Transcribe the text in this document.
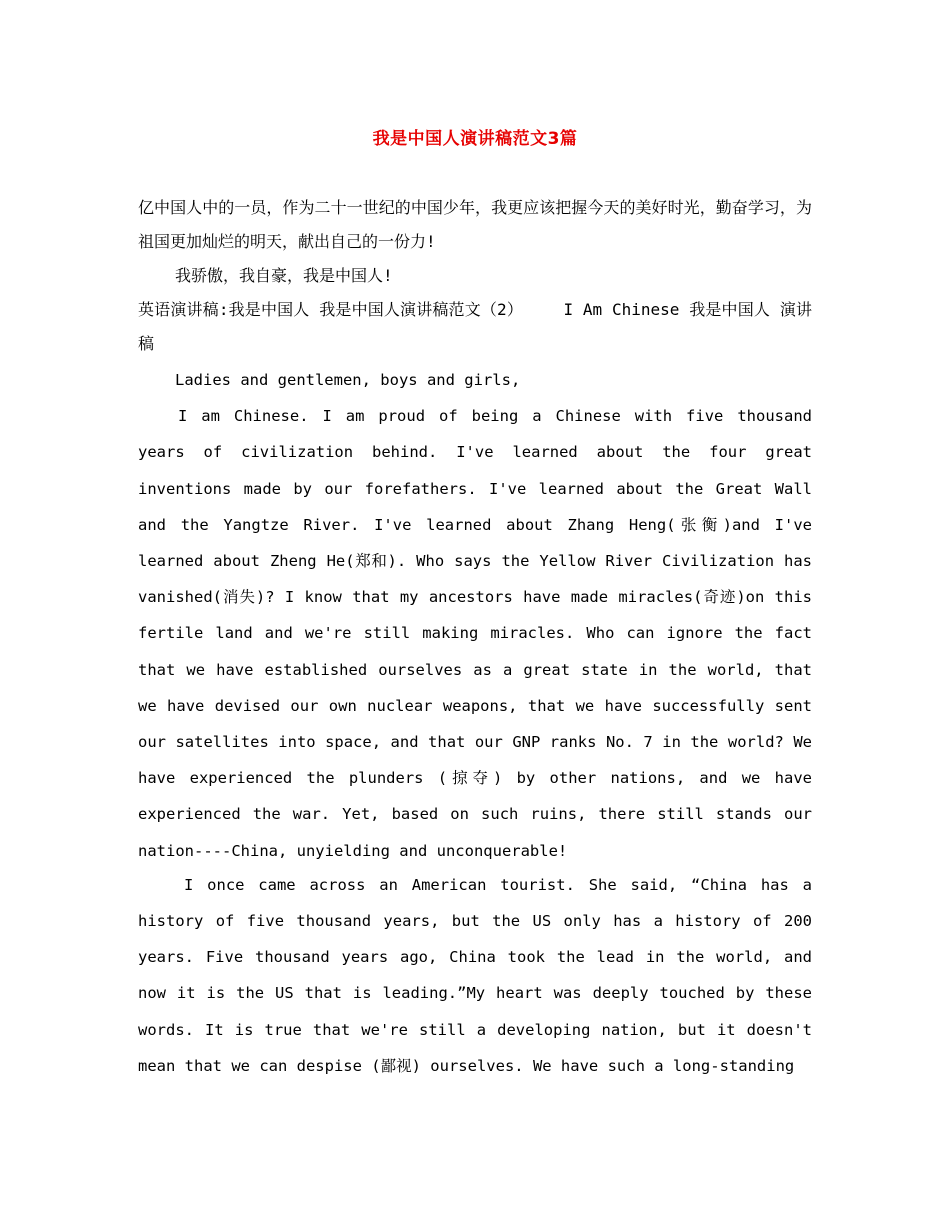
我是中国人演讲稿范文3篇

亿中国人中的一员，作为二十一世纪的中国少年，我更应该把握今天的美好时光，勤奋学习，为祖国更加灿烂的明天，献出自己的一份力!

我骄傲，我自豪，我是中国人!

英语演讲稿:我是中国人 我是中国人演讲稿范文（2）　　　I Am Chinese 我是中国人 演讲稿

Ladies and gentlemen, boys and girls,

I am Chinese. I am proud of being a Chinese with five thousand years of civilization behind. I've learned about the four great inventions made by our forefathers. I've learned about the Great Wall and the Yangtze River. I've learned about Zhang Heng(张衡)and I've learned about Zheng He(郑和). Who says the Yellow River Civilization has vanished(消失)? I know that my ancestors have made miracles(奇迹)on this fertile land and we're still making miracles. Who can ignore the fact that we have established ourselves as a great state in the world, that we have devised our own nuclear weapons, that we have successfully sent our satellites into space, and that our GNP ranks No. 7 in the world? We have experienced the plunders (掠夺) by other nations, and we have experienced the war. Yet, based on such ruins, there still stands our nation----China, unyielding and unconquerable!

I once came across an American tourist. She said, “China has a history of five thousand years, but the US only has a history of 200 years. Five thousand years ago, China took the lead in the world, and now it is the US that is leading.”My heart was deeply touched by these words. It is true that we're still a developing nation, but it doesn't mean that we can despise (鄙视) ourselves. We have such a long-standing
